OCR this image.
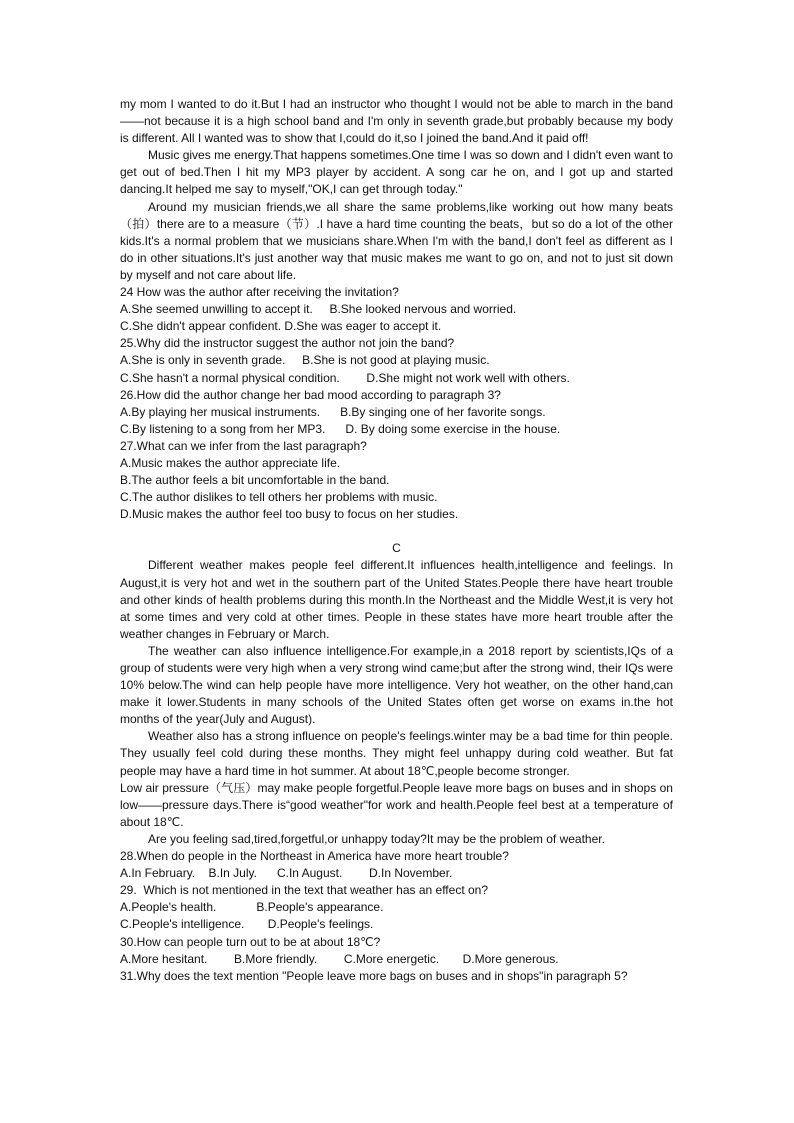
my mom I wanted to do it.But I had an instructor who thought I would not be able to march in the band——not because it is a high school band and I'm only in seventh grade,but probably because my body is different. All I wanted was to show that I,could do it,so I joined the band.And it paid off!

Music gives me energy.That happens sometimes.One time I was so down and I didn't even want to get out of bed.Then I hit my MP3 player by accident. A song car he on, and I got up and started dancing.It helped me say to myself,"OK,I can get through today."

Around my musician friends,we all share the same problems,like working out how many beats（拍）there are to a measure（节）.I have a hard time counting the beats，but so do a lot of the other kids.It's a normal problem that we musicians share.When I'm with the band,I don't feel as different as I do in other situations.It's just another way that music makes me want to go on, and not to just sit down by myself and not care about life.

24 How was the author after receiving the invitation?

A.She seemed unwilling to accept it.     B.She looked nervous and worried.

C.She didn't appear confident. D.She was eager to accept it.

25.Why did the instructor suggest the author not join the band?

A.She is only in seventh grade.     B.She is not good at playing music.

C.She hasn't a normal physical condition.        D.She might not work well with others.

26.How did the author change her bad mood according to paragraph 3?

A.By playing her musical instruments.      B.By singing one of her favorite songs.

C.By listening to a song from her MP3.      D. By doing some exercise in the house.

27.What can we infer from the last paragraph?

A.Music makes the author appreciate life.

B.The author feels a bit uncomfortable in the band.

C.The author dislikes to tell others her problems with music.

D.Music makes the author feel too busy to focus on her studies.

C

Different weather makes people feel different.It influences health,intelligence and feelings. In August,it is very hot and wet in the southern part of the United States.People there have heart trouble and other kinds of health problems during this month.In the Northeast and the Middle West,it is very hot at some times and very cold at other times. People in these states have more heart trouble after the weather changes in February or March.

The weather can also influence intelligence.For example,in a 2018 report by scientists,IQs of a group of students were very high when a very strong wind came;but after the strong wind, their IQs were 10% below.The wind can help people have more intelligence. Very hot weather, on the other hand,can make it lower.Students in many schools of the United States often get worse on exams in.the hot months of the year(July and August).

Weather also has a strong influence on people's feelings.winter may be a bad time for thin people. They usually feel cold during these months. They might feel unhappy during cold weather. But fat people may have a hard time in hot summer. At about 18℃,people become stronger.

Low air pressure（气压）may make people forgetful.People leave more bags on buses and in shops on low——pressure days.There is“good weather"for work and health.People feel best at a temperature of about 18℃.

Are you feeling sad,tired,forgetful,or unhappy today?It may be the problem of weather.

28.When do people in the Northeast in America have more heart trouble?

A.In February.    B.In July.      C.In August.        D.In November.

29.  Which is not mentioned in the text that weather has an effect on?

A.People's health.            B.People's appearance.

C.People's intelligence.       D.People's feelings.

30.How can people turn out to be at about 18℃?

A.More hesitant.        B.More friendly.        C.More energetic.       D.More generous.

31.Why does the text mention "People leave more bags on buses and in shops"in paragraph 5?
